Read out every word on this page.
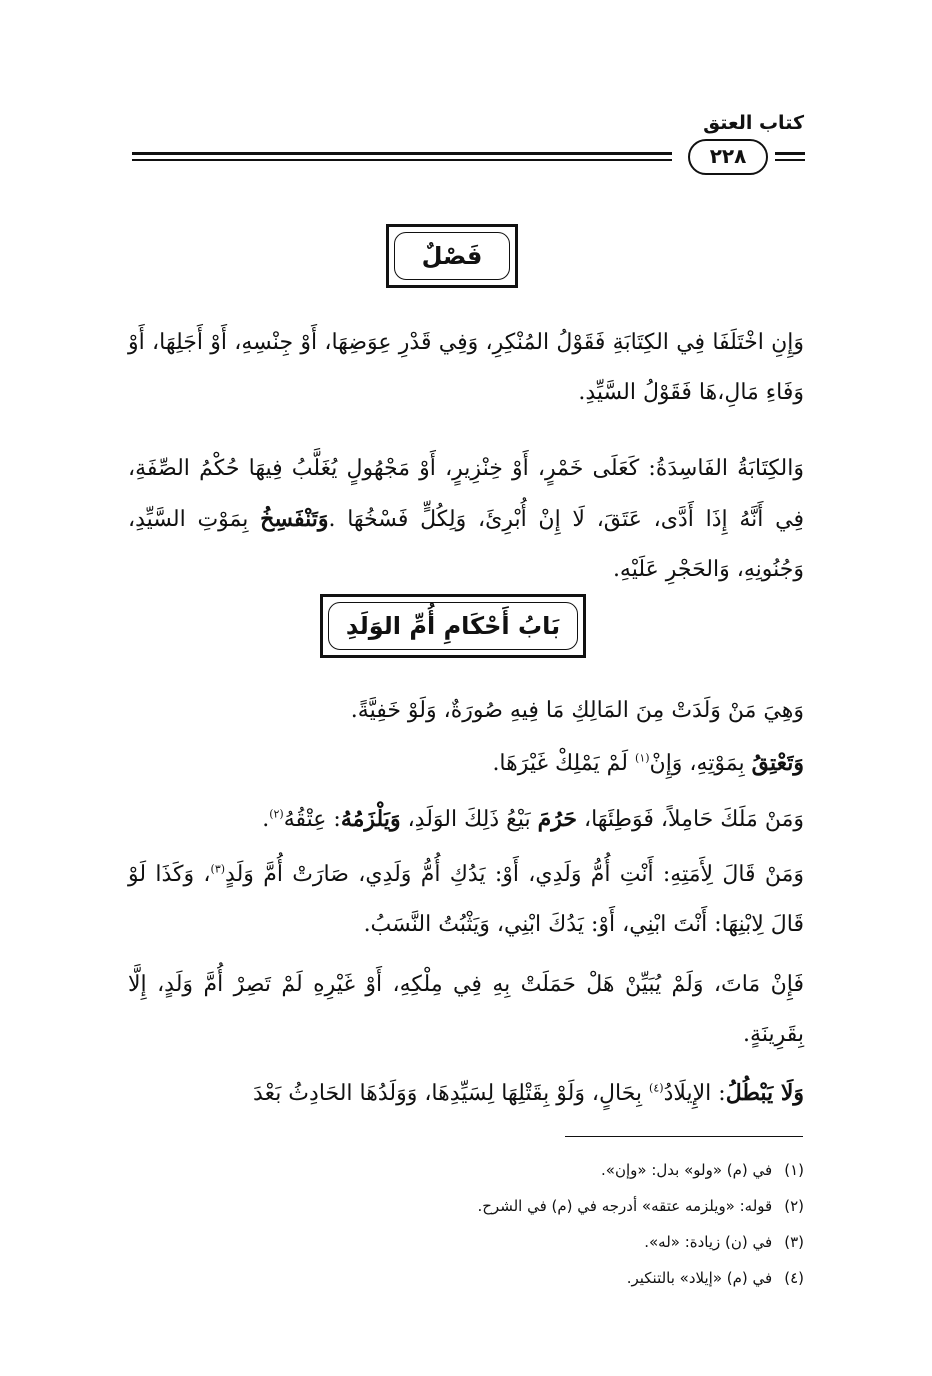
كتاب العتق
٢٢٨
فَصْلٌ

وَإِنِ اخْتَلَفَا فِي الكِتَابَةِ فَقَوْلُ المُنْكِرِ، وَفِي قَدْرِ عِوَضِهَا، أَوْ جِنْسِهِ، أَوْ أَجَلِهَا، أَوْ وَفَاءِ مَالِ،هَا فَقَوْلُ السَّيِّدِ.

وَالكِتَابَةُ الفَاسِدَةُ: كَعَلَى خَمْرٍ، أَوْ خِنْزِيرٍ، أَوْ مَجْهُولٍ يُغَلَّبُ فِيهَا حُكْمُ الصِّفَةِ، فِي أَنَّهُ إِذَا أَدَّى، عَتَقَ، لَا إِنْ أُبْرِئَ، وَلِكُلٍّ فَسْخُهَا .وَتَنْفَسِخُ بِمَوْتِ السَّيِّدِ، وَجُنُونِهِ، وَالحَجْرِ عَلَيْهِ.

بَابُ أَحْكَامِ أُمِّ الوَلَدِ

وَهِيَ مَنْ وَلَدَتْ مِنَ المَالِكِ مَا فِيهِ صُورَةٌ، وَلَوْ خَفِيَّةً.

وَتَعْتِقُ بِمَوْتِهِ، وَإِنْ$^{(١)}$ لَمْ يَمْلِكْ غَيْرَهَا.

وَمَنْ مَلَكَ حَامِلاً، فَوَطِئَهَا، حَرُمَ بَيْعُ ذَلِكَ الوَلَدِ، وَيَلْزَمُهُ: عِتْقُهُ$^{(٢)}$.

وَمَنْ قَالَ لِأَمَتِهِ: أَنْتِ أُمُّ وَلَدِي، أَوْ: يَدُكِ أُمُّ وَلَدِي، صَارَتْ أُمَّ وَلَدٍ$^{(٣)}$، وَكَذَا لَوْ قَالَ لِابْنِهَا: أَنْتَ ابْنِي، أَوْ: يَدُكَ ابْنِي، وَيَثْبُتُ النَّسَبُ.

فَإِنْ مَاتَ، وَلَمْ يُبَيِّنْ هَلْ حَمَلَتْ بِهِ فِي مِلْكِهِ، أَوْ غَيْرِهِ لَمْ تَصِرْ أُمَّ وَلَدٍ، إِلَّا بِقَرِينَةٍ.

وَلَا يَبْطُلُ: الإِيلَادُ$^{(٤)}$ بِحَالٍ، وَلَوْ بِقَتْلِهَا لِسَيِّدِهَا، وَوَلَدُهَا الحَادِثُ بَعْدَ

(١)في (م) «ولو» بدل: «وإن».
(٢)قوله: «ويلزمه عتقه» أدرجه في (م) في الشرح.
(٣)في (ن) زيادة: «له».
(٤)في (م) «إيلاد» بالتنكير.
